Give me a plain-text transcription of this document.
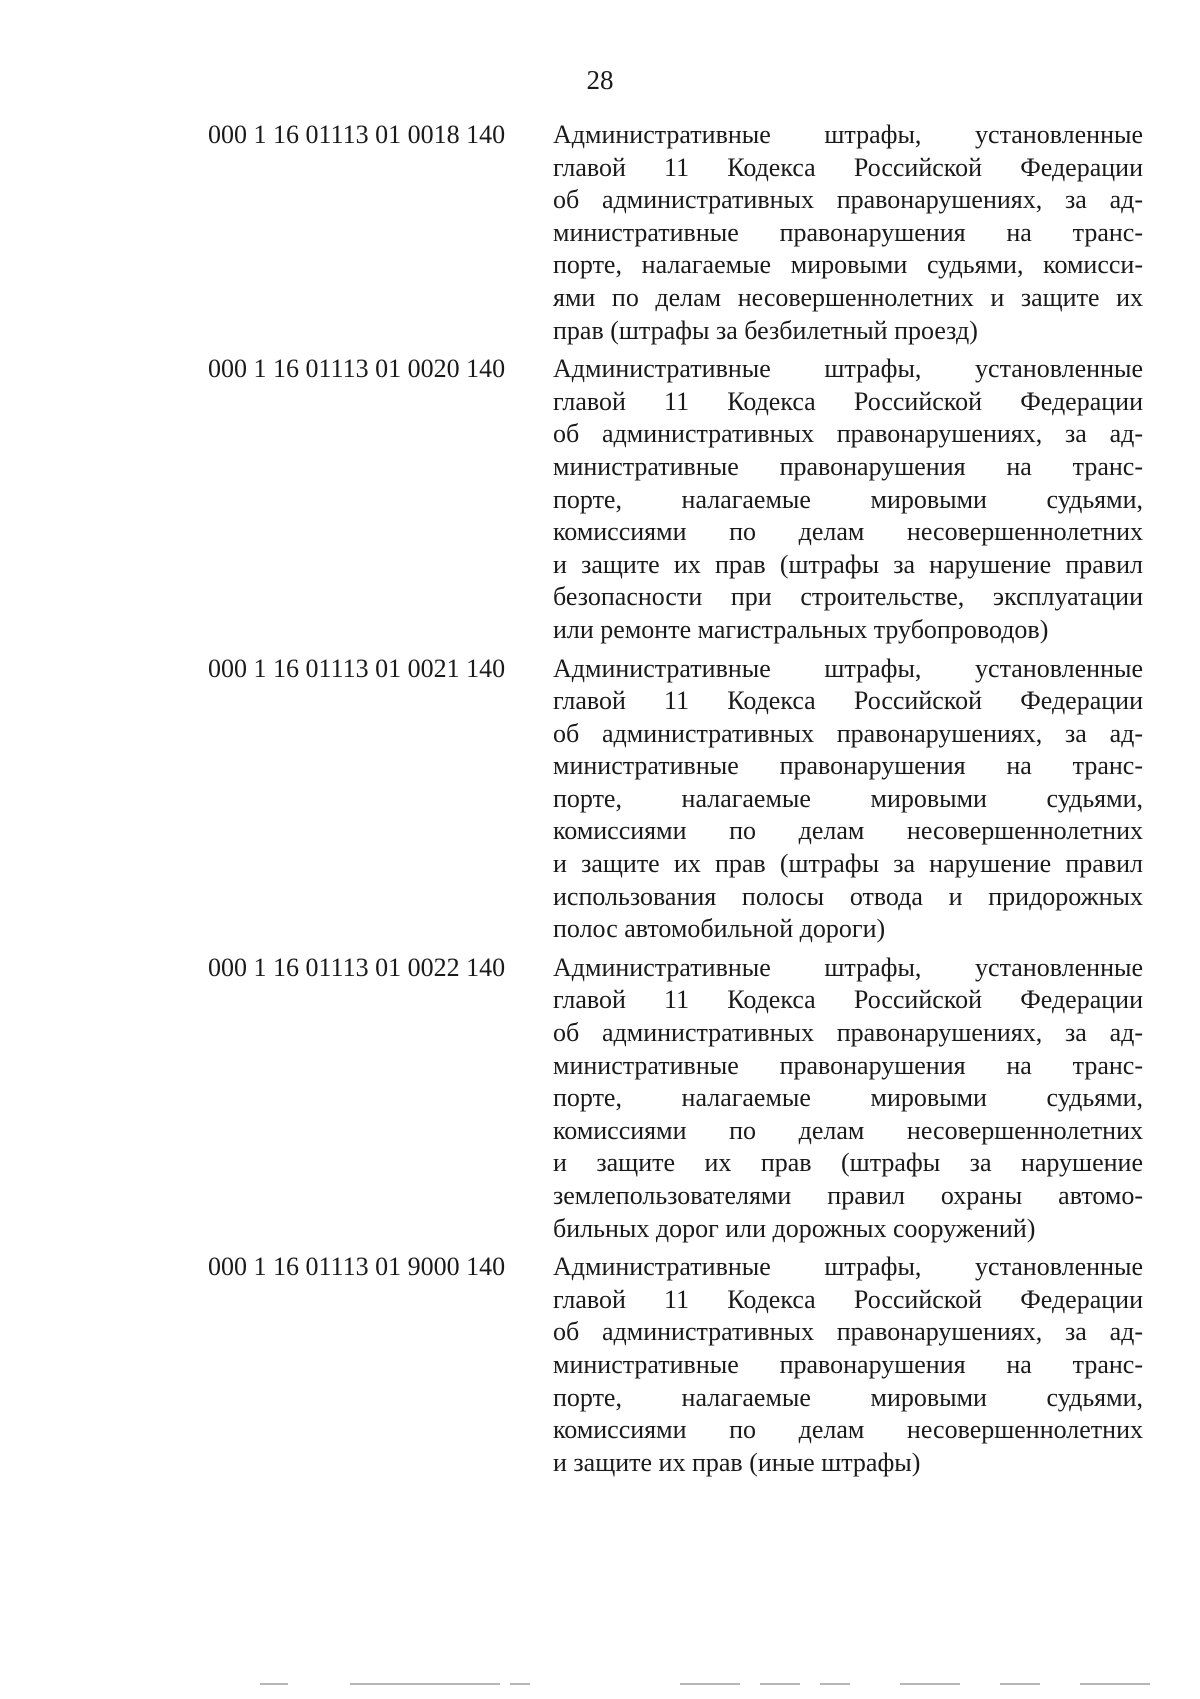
28
000 1 16 01113 01 0018 140	Административные штрафы, установленные
главой 11 Кодекса Российской Федерации
об административных правонарушениях, за ад-
министративные правонарушения на транс-
порте, налагаемые мировыми судьями, комисси-
ями по делам несовершеннолетних и защите их
прав (штрафы за безбилетный проезд)
000 1 16 01113 01 0020 140	Административные штрафы, установленные
главой 11 Кодекса Российской Федерации
об административных правонарушениях, за ад-
министративные правонарушения на транс-
порте, налагаемые мировыми судьями,
комиссиями по делам несовершеннолетних
и защите их прав (штрафы за нарушение правил
безопасности при строительстве, эксплуатации
или ремонте магистральных трубопроводов)
000 1 16 01113 01 0021 140	Административные штрафы, установленные
главой 11 Кодекса Российской Федерации
об административных правонарушениях, за ад-
министративные правонарушения на транс-
порте, налагаемые мировыми судьями,
комиссиями по делам несовершеннолетних
и защите их прав (штрафы за нарушение правил
использования полосы отвода и придорожных
полос автомобильной дороги)
000 1 16 01113 01 0022 140	Административные штрафы, установленные
главой 11 Кодекса Российской Федерации
об административных правонарушениях, за ад-
министративные правонарушения на транс-
порте, налагаемые мировыми судьями,
комиссиями по делам несовершеннолетних
и защите их прав (штрафы за нарушение
землепользователями правил охраны автомо-
бильных дорог или дорожных сооружений)
000 1 16 01113 01 9000 140	Административные штрафы, установленные
главой 11 Кодекса Российской Федерации
об административных правонарушениях, за ад-
министративные правонарушения на транс-
порте, налагаемые мировыми судьями,
комиссиями по делам несовершеннолетних
и защите их прав (иные штрафы)
